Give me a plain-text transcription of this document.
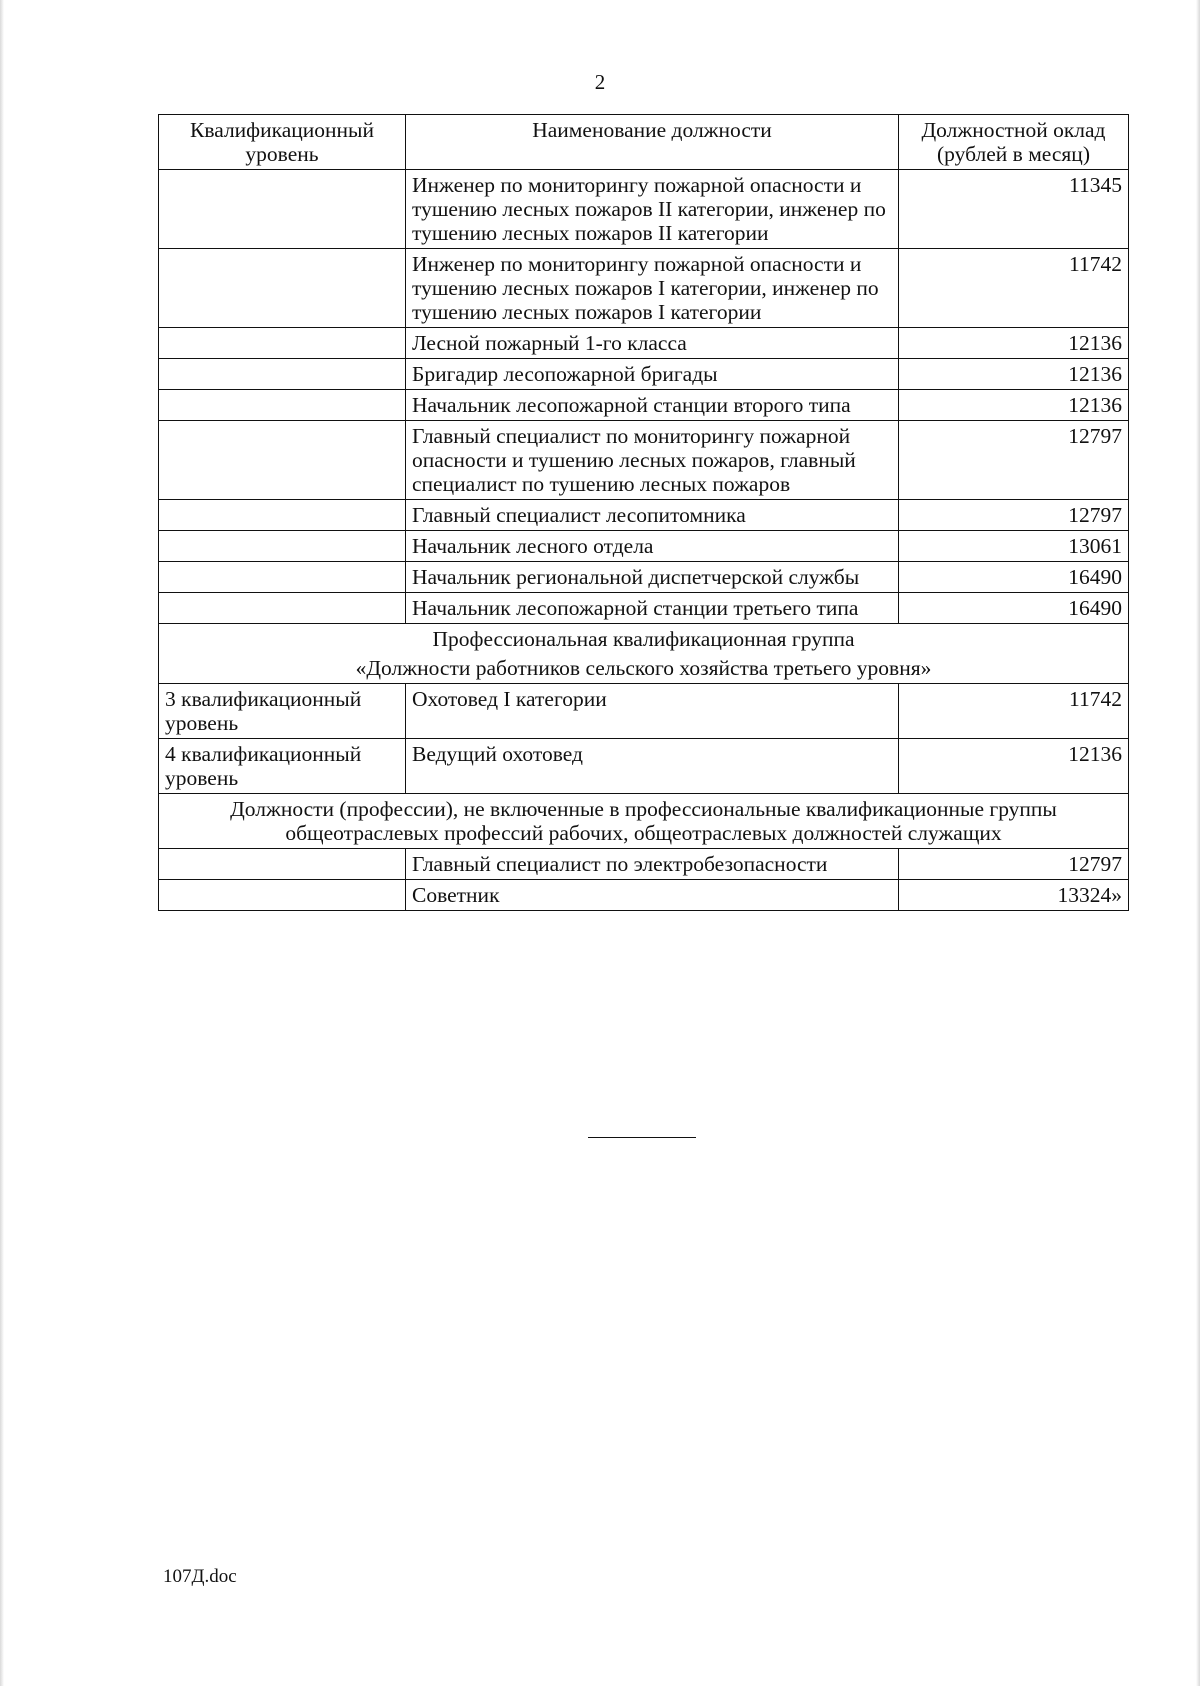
2
Квалификационный уровень	Наименование должности	Должностной оклад (рублей в месяц)
	Инженер по мониторингу пожарной опасности и тушению лесных пожаров II категории, инженер по тушению лесных пожаров II категории	11345
	Инженер по мониторингу пожарной опасности и тушению лесных пожаров I категории, инженер по тушению лесных пожаров I категории	11742
	Лесной пожарный 1-го класса	12136
	Бригадир лесопожарной бригады	12136
	Начальник лесопожарной станции второго типа	12136
	Главный специалист по мониторингу пожарной опасности и тушению лесных пожаров, главный специалист по тушению лесных пожаров	12797
	Главный специалист лесопитомника	12797
	Начальник лесного отдела	13061
	Начальник региональной диспетчерской службы	16490
	Начальник лесопожарной станции третьего типа	16490

Профессиональная квалификационная группа
«Должности работников сельского хозяйства третьего уровня»		

3 квалификационный уровень	Охотовед I категории	11742
4 квалификационный уровень	Ведущий охотовед	12136

Должности (профессии), не включенные в профессиональные квалификационные группы
общеотраслевых профессий рабочих, общеотраслевых должностей служащих		

	Главный специалист по электробезопасности	12797
	Советник	13324»
107Д.doc
